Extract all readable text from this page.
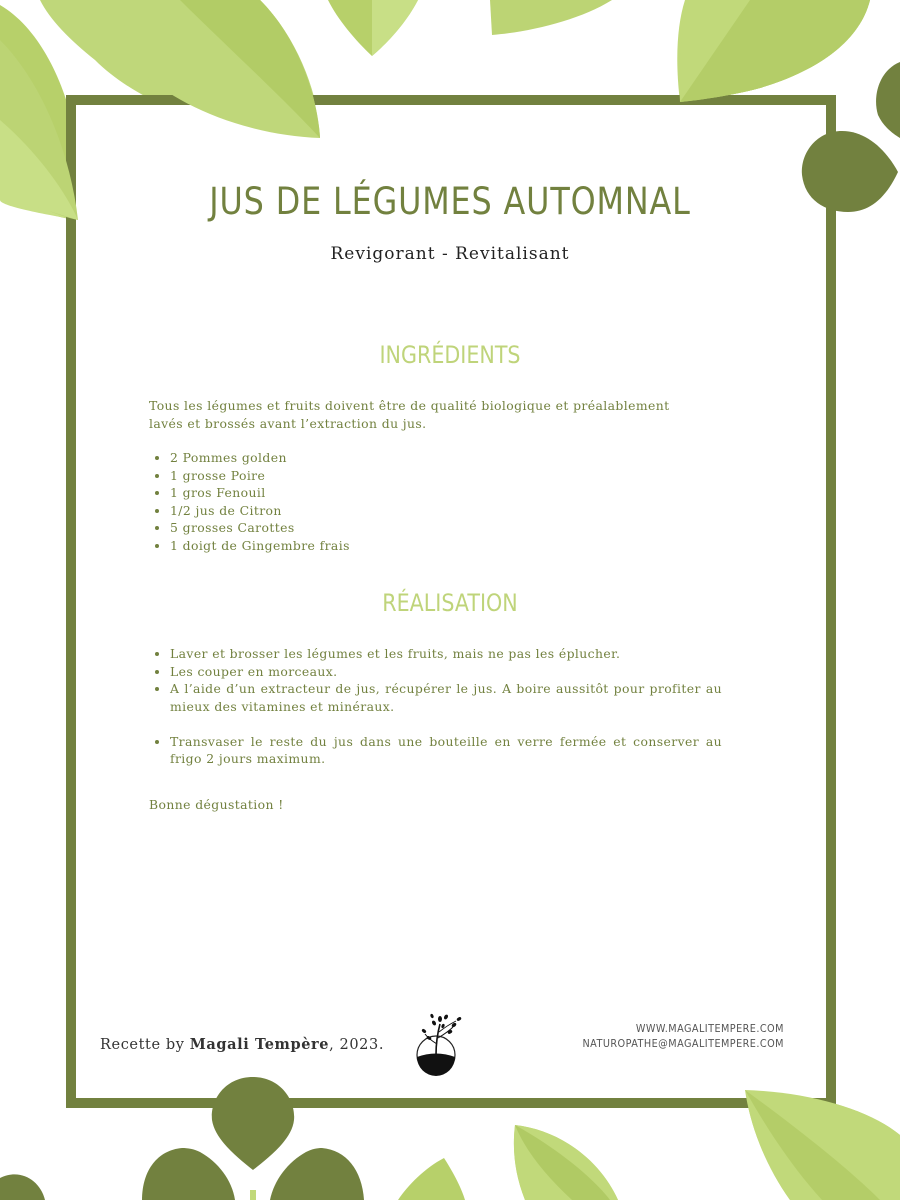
JUS DE LÉGUMES AUTOMNAL

Revigorant - Revitalisant

INGRÉDIENTS

Tous les légumes et fruits doivent être de qualité biologique et préalablement lavés et brossés avant l’extraction du jus.

• 2 Pommes golden
• 1 grosse Poire
• 1 gros Fenouil
• 1/2 jus de Citron
• 5 grosses Carottes
• 1 doigt de Gingembre frais
RÉALISATION
• Laver et brosser les légumes et les fruits, mais ne pas les éplucher.
• Les couper en morceaux.
• A l’aide d’un extracteur de jus, récupérer le jus. A boire aussitôt pour profiter au mieux des vitamines et minéraux.
• Transvaser le reste du jus dans une bouteille en verre fermée et conserver au frigo 2 jours maximum.

Bonne dégustation !

Recette by Magali Tempère, 2023.
WWW.MAGALITEMPERE.COM
NATUROPATHE@MAGALITEMPERE.COM
